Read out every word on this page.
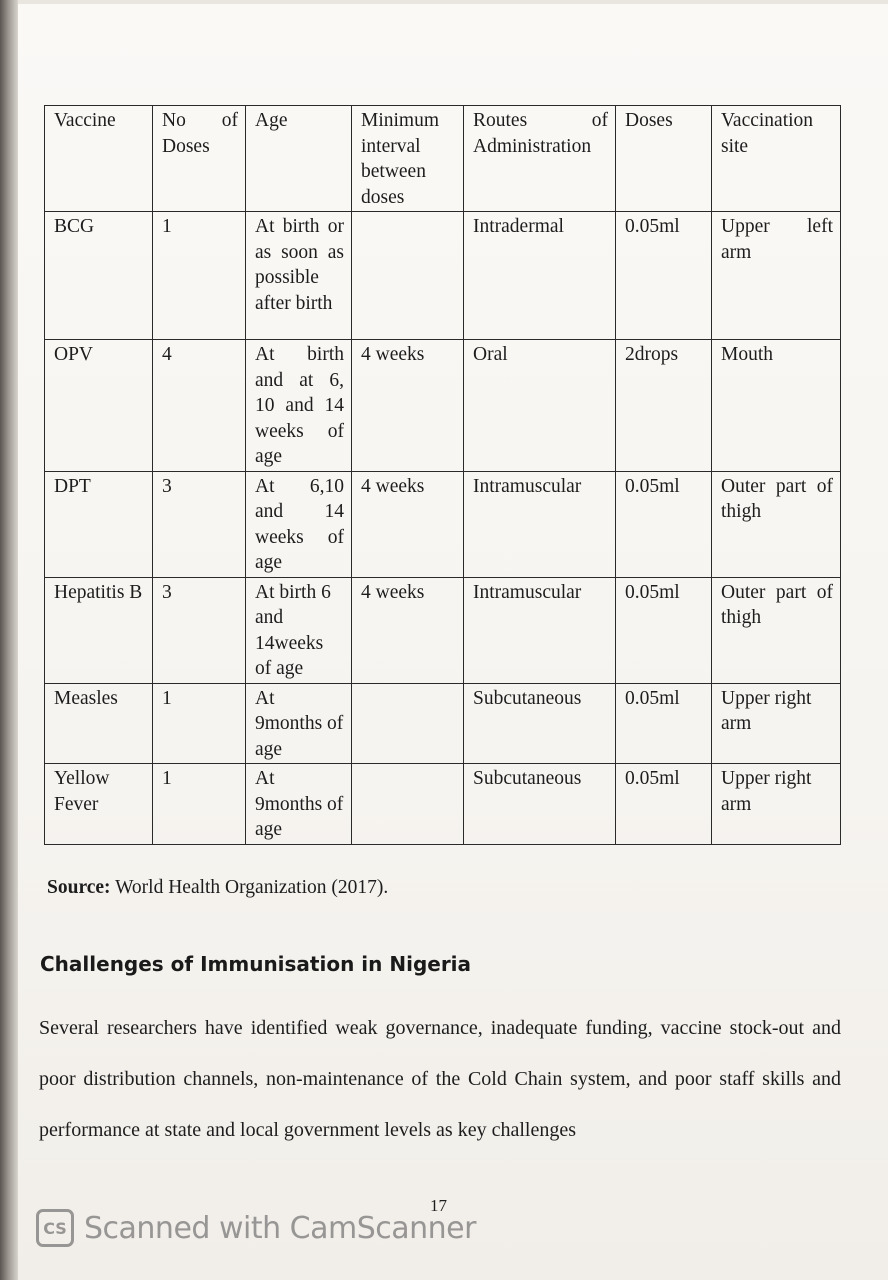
Vaccine	No of Doses	Age	Minimum interval between doses	Routes of Administration	Doses	Vaccination site
BCG	1	At birth or as soon as possible after birth		Intradermal	0.05ml	Upper left arm
OPV	4	At birth and at 6, 10 and 14 weeks of age	4 weeks	Oral	2drops	Mouth
DPT	3	At 6,10 and 14 weeks of age	4 weeks	Intramuscular	0.05ml	Outer part of thigh
Hepatitis B	3	At birth 6 and 14weeks of age	4 weeks	Intramuscular	0.05ml	Outer part of thigh
Measles	1	At 9months of age		Subcutaneous	0.05ml	Upper right arm
Yellow Fever	1	At 9months of age		Subcutaneous	0.05ml	Upper right arm
Source: World Health Organization (2017).
Challenges of Immunisation in Nigeria
Several researchers have identified weak governance, inadequate funding, vaccine stock-out and poor distribution channels, non-maintenance of the Cold Chain system, and poor staff skills and performance at state and local government levels as key challenges
17
CS Scanned with CamScanner
